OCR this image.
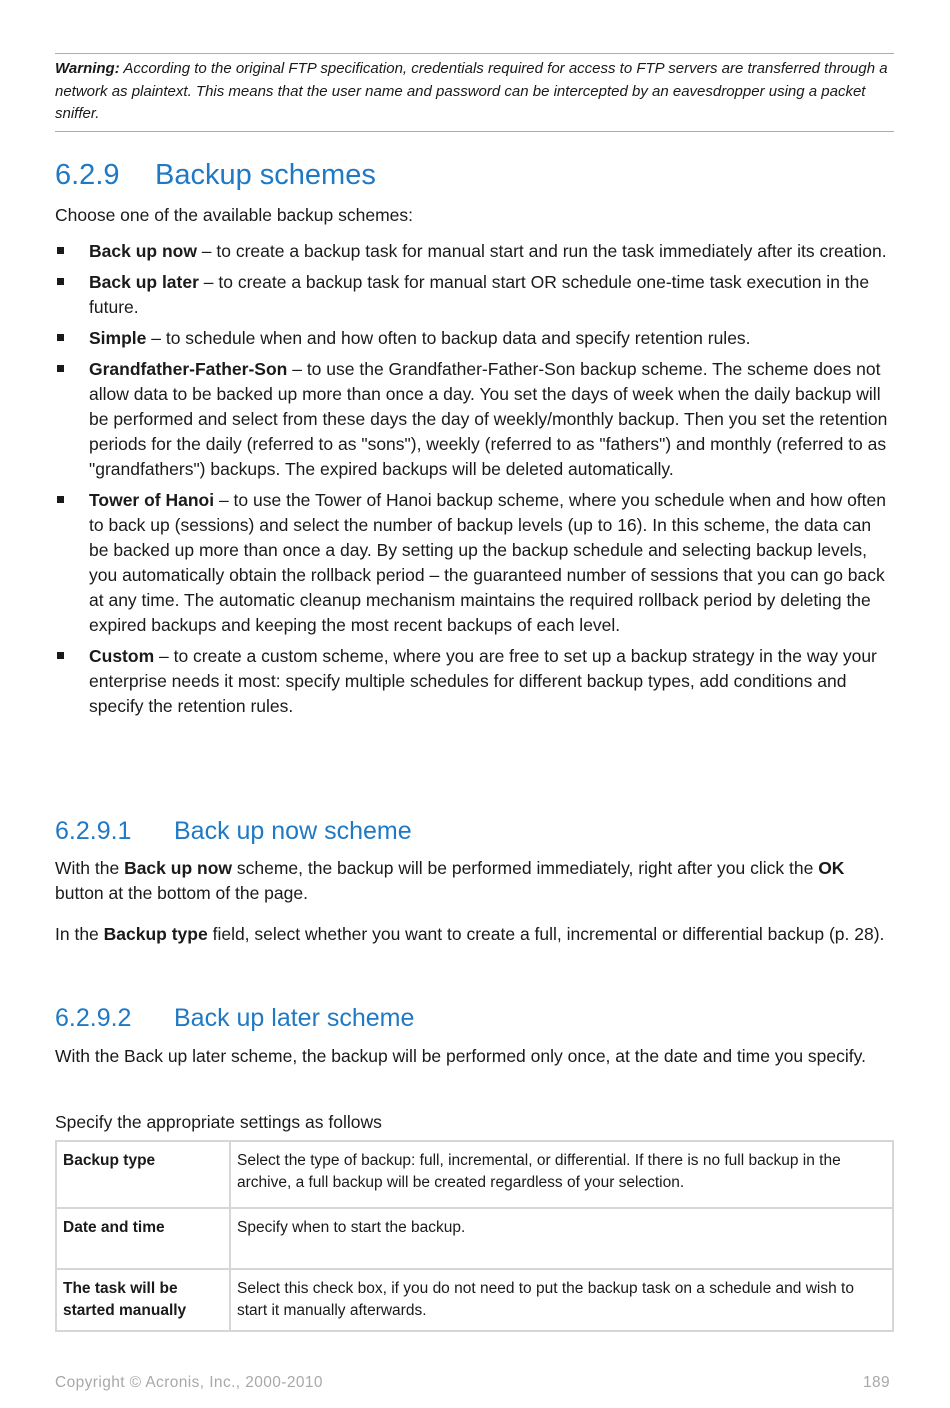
Warning: According to the original FTP specification, credentials required for access to FTP servers are transferred through a network as plaintext. This means that the user name and password can be intercepted by an eavesdropper using a packet sniffer.
6.2.9 Backup schemes

Choose one of the available backup schemes:

Back up now – to create a backup task for manual start and run the task immediately after its creation.
Back up later – to create a backup task for manual start OR schedule one-time task execution in the future.
Simple – to schedule when and how often to backup data and specify retention rules.
Grandfather-Father-Son – to use the Grandfather-Father-Son backup scheme. The scheme does not allow data to be backed up more than once a day. You set the days of week when the daily backup will be performed and select from these days the day of weekly/monthly backup. Then you set the retention periods for the daily (referred to as "sons"), weekly (referred to as "fathers") and monthly (referred to as "grandfathers") backups. The expired backups will be deleted automatically.
Tower of Hanoi – to use the Tower of Hanoi backup scheme, where you schedule when and how often to back up (sessions) and select the number of backup levels (up to 16). In this scheme, the data can be backed up more than once a day. By setting up the backup schedule and selecting backup levels, you automatically obtain the rollback period – the guaranteed number of sessions that you can go back at any time. The automatic cleanup mechanism maintains the required rollback period by deleting the expired backups and keeping the most recent backups of each level.
Custom – to create a custom scheme, where you are free to set up a backup strategy in the way your enterprise needs it most: specify multiple schedules for different backup types, add conditions and specify the retention rules.
6.2.9.1 Back up now scheme

With the Back up now scheme, the backup will be performed immediately, right after you click the OK button at the bottom of the page.

In the Backup type field, select whether you want to create a full, incremental or differential backup (p. 28).

6.2.9.2 Back up later scheme

With the Back up later scheme, the backup will be performed only once, at the date and time you specify.

Specify the appropriate settings as follows

Backup type	Select the type of backup: full, incremental, or differential. If there is no full backup in the archive, a full backup will be created regardless of your selection.
Date and time	Specify when to start the backup.
The task will be started manually	Select this check box, if you do not need to put the backup task on a schedule and wish to start it manually afterwards.
Copyright © Acronis, Inc., 2000-2010	189
